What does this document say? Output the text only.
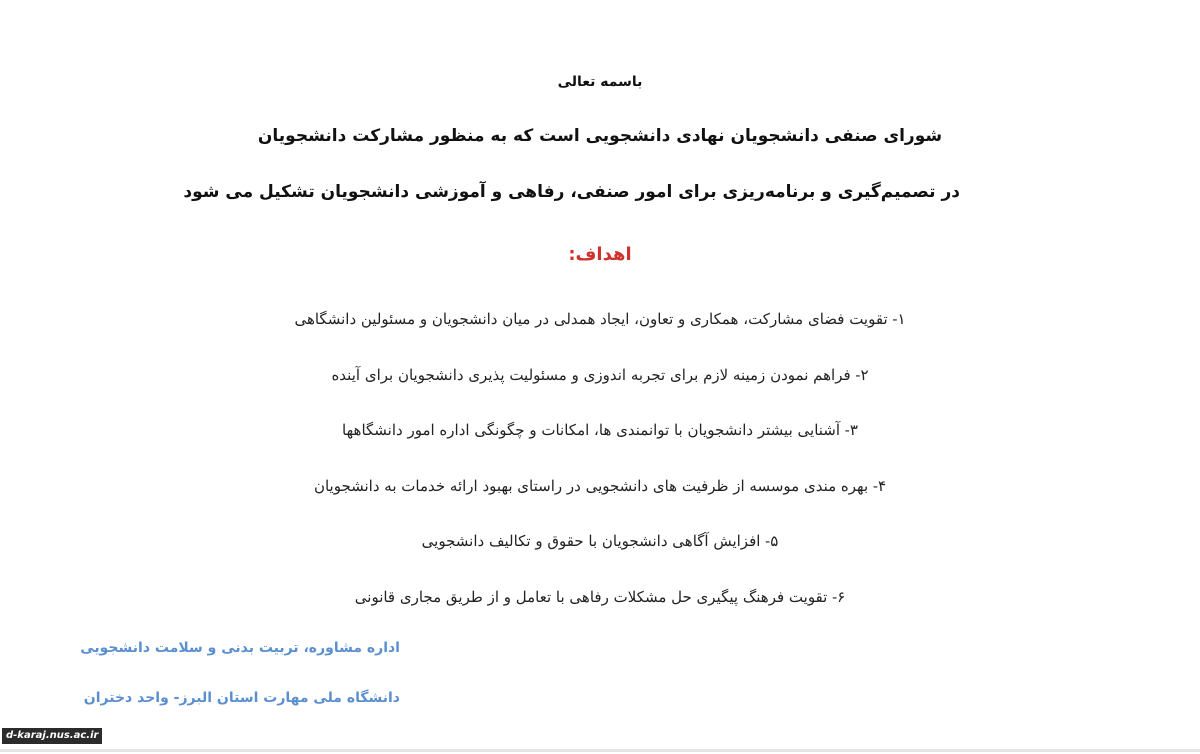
باسمه تعالی
شورای صنفی دانشجویان نهادی دانشجویی است که به منظور مشارکت دانشجویان
در تصمیم‌گیری و برنامه‌ریزی برای امور صنفی، رفاهی و آموزشی دانشجویان تشکیل می شود
اهداف:
۱- تقویت فضای مشارکت، همکاری و تعاون، ایجاد همدلی در میان دانشجویان و مسئولین دانشگاهی
۲- فراهم نمودن زمینه لازم برای تجربه اندوزی و مسئولیت پذیری دانشجویان برای آینده
۳- آشنایی بیشتر دانشجویان با توانمندی ها، امکانات و چگونگی اداره امور دانشگاهها
۴- بهره مندی موسسه از ظرفیت های دانشجویی در راستای بهبود ارائه خدمات به دانشجویان
۵- افزایش آگاهی دانشجویان با حقوق و تکالیف دانشجویی
۶- تقویت فرهنگ پیگیری حل مشکلات رفاهی با تعامل و از طریق مجاری قانونی
اداره مشاوره، تربیت بدنی و سلامت دانشجویی
دانشگاه ملی مهارت استان البرز- واحد دختران
d-karaj.nus.ac.ir
